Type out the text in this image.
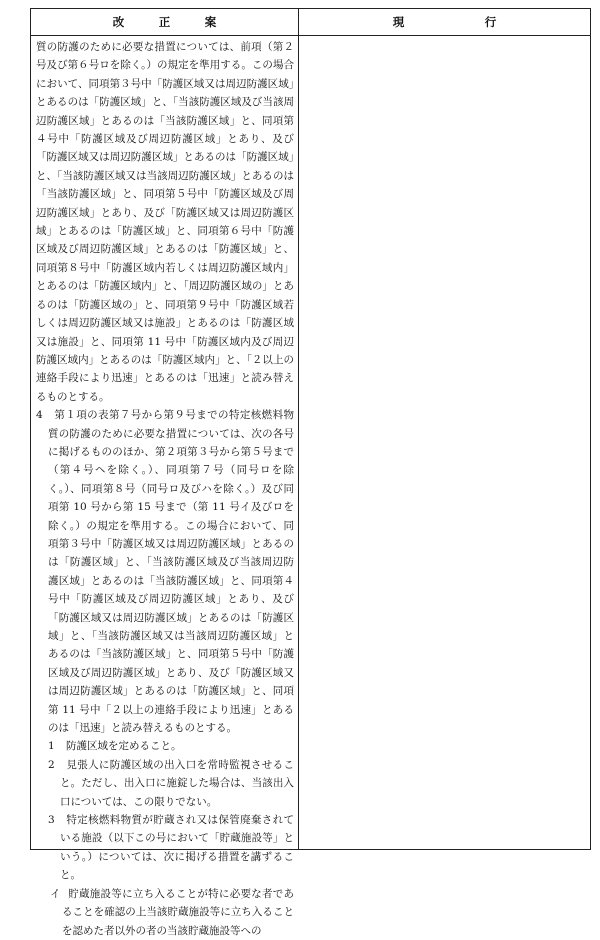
改　　　正　　　案	現　　　　　　　行

質の防護のために必要な措置については、前項（第２号及び第６号ロを除く。）の規定を準用する。この場合において、同項第３号中「防護区域又は周辺防護区域」とあるのは「防護区域」と、「当該防護区域及び当該周辺防護区域」とあるのは「当該防護区域」と、同項第４号中「防護区域及び周辺防護区域」とあり、及び「防護区域又は周辺防護区域」とあるのは「防護区域」と、「当該防護区域又は当該周辺防護区域」とあるのは「当該防護区域」と、同項第５号中「防護区域及び周辺防護区域」とあり、及び「防護区域又は周辺防護区域」とあるのは「防護区域」と、同項第６号中「防護区域及び周辺防護区域」とあるのは「防護区域」と、同項第８号中「防護区域内若しくは周辺防護区域内」とあるのは「防護区域内」と、「周辺防護区域の」とあるのは「防護区域の」と、同項第９号中「防護区域若しくは周辺防護区域又は施設」とあるのは「防護区域又は施設」と、同項第 11 号中「防護区域内及び周辺防護区域内」とあるのは「防護区域内」と、「２以上の連絡手段により迅速」とあるのは「迅速」と読み替えるものとする。

4 第１項の表第７号から第９号までの特定核燃料物質の防護のために必要な措置については、次の各号に掲げるもののほか、第２項第３号から第５号まで（第４号ヘを除く。）、同項第７号（同号ロを除く。）、同項第８号（同号ロ及びハを除く。）及び同項第 10 号から第 15 号まで（第 11 号イ及びロを除く。）の規定を準用する。この場合において、同項第３号中「防護区域又は周辺防護区域」とあるのは「防護区域」と、「当該防護区域及び当該周辺防護区域」とあるのは「当該防護区域」と、同項第４号中「防護区域及び周辺防護区域」とあり、及び「防護区域又は周辺防護区域」とあるのは「防護区域」と、「当該防護区域又は当該周辺防護区域」とあるのは「当該防護区域」と、同項第５号中「防護区域及び周辺防護区域」とあり、及び「防護区域又は周辺防護区域」とあるのは「防護区域」と、同項第 11 号中「２以上の連絡手段により迅速」とあるのは「迅速」と読み替えるものとする。

1 防護区域を定めること。

2 見張人に防護区域の出入口を常時監視させること。ただし、出入口に施錠した場合は、当該出入口については、この限りでない。

3 特定核燃料物質が貯蔵され又は保管廃棄されている施設（以下この号において「貯蔵施設等」という。）については、次に掲げる措置を講ずること。

イ 貯蔵施設等に立ち入ることが特に必要な者であることを確認の上当該貯蔵施設等に立ち入ることを認めた者以外の者の当該貯蔵施設等への
